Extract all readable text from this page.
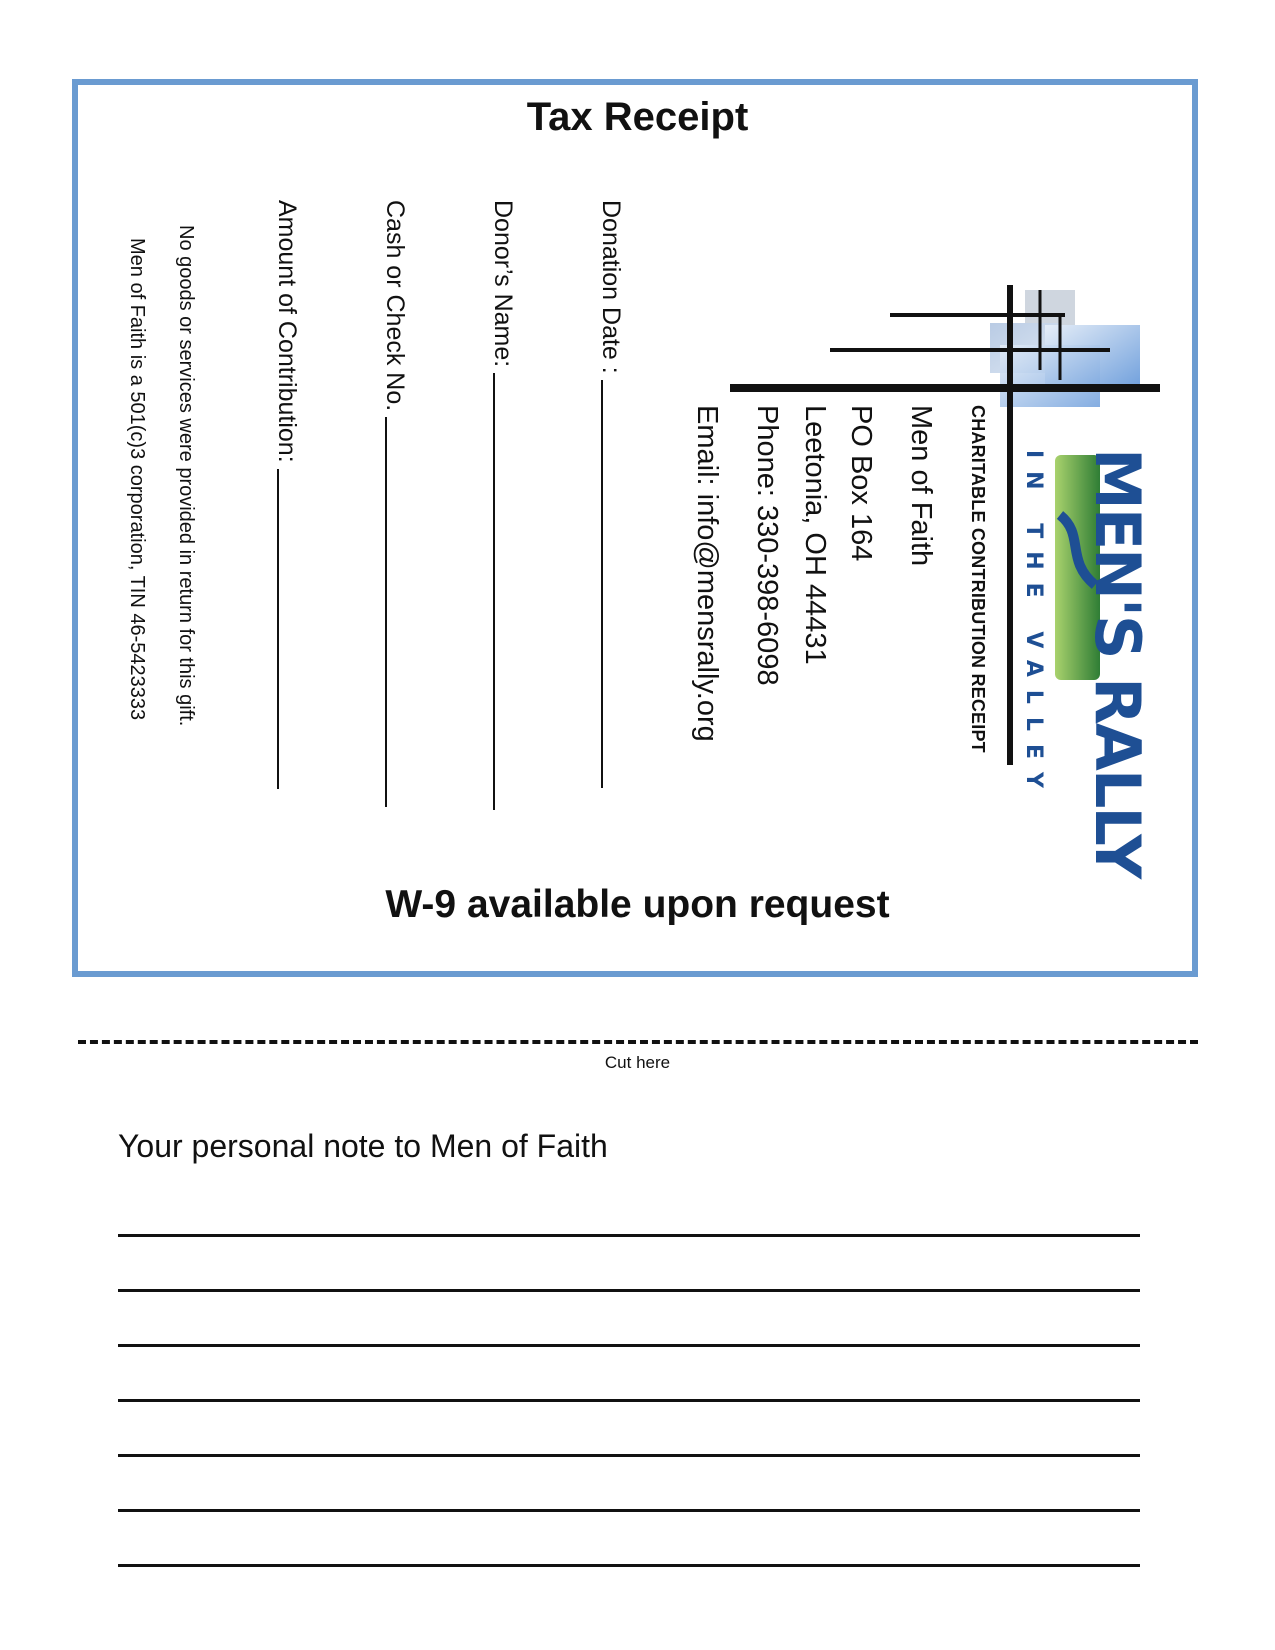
Tax Receipt
Donation Date :
Donor’s Name:
Cash or Check No.
Amount of Contribution:
No goods or services were provided in return for this gift.
Men of Faith is a 501(c)3 corporation, TIN 46-5423333	CHARITABLE CONTRIBUTION RECEIPT
Men of Faith
PO Box 164
Leetonia, OH 44431
Phone: 330-398-6098
Email: info@mensrally.org	MEN'S RALLY
IN THE VALLEY
W-9 available upon request
Cut here
Your personal note to Men of Faith
